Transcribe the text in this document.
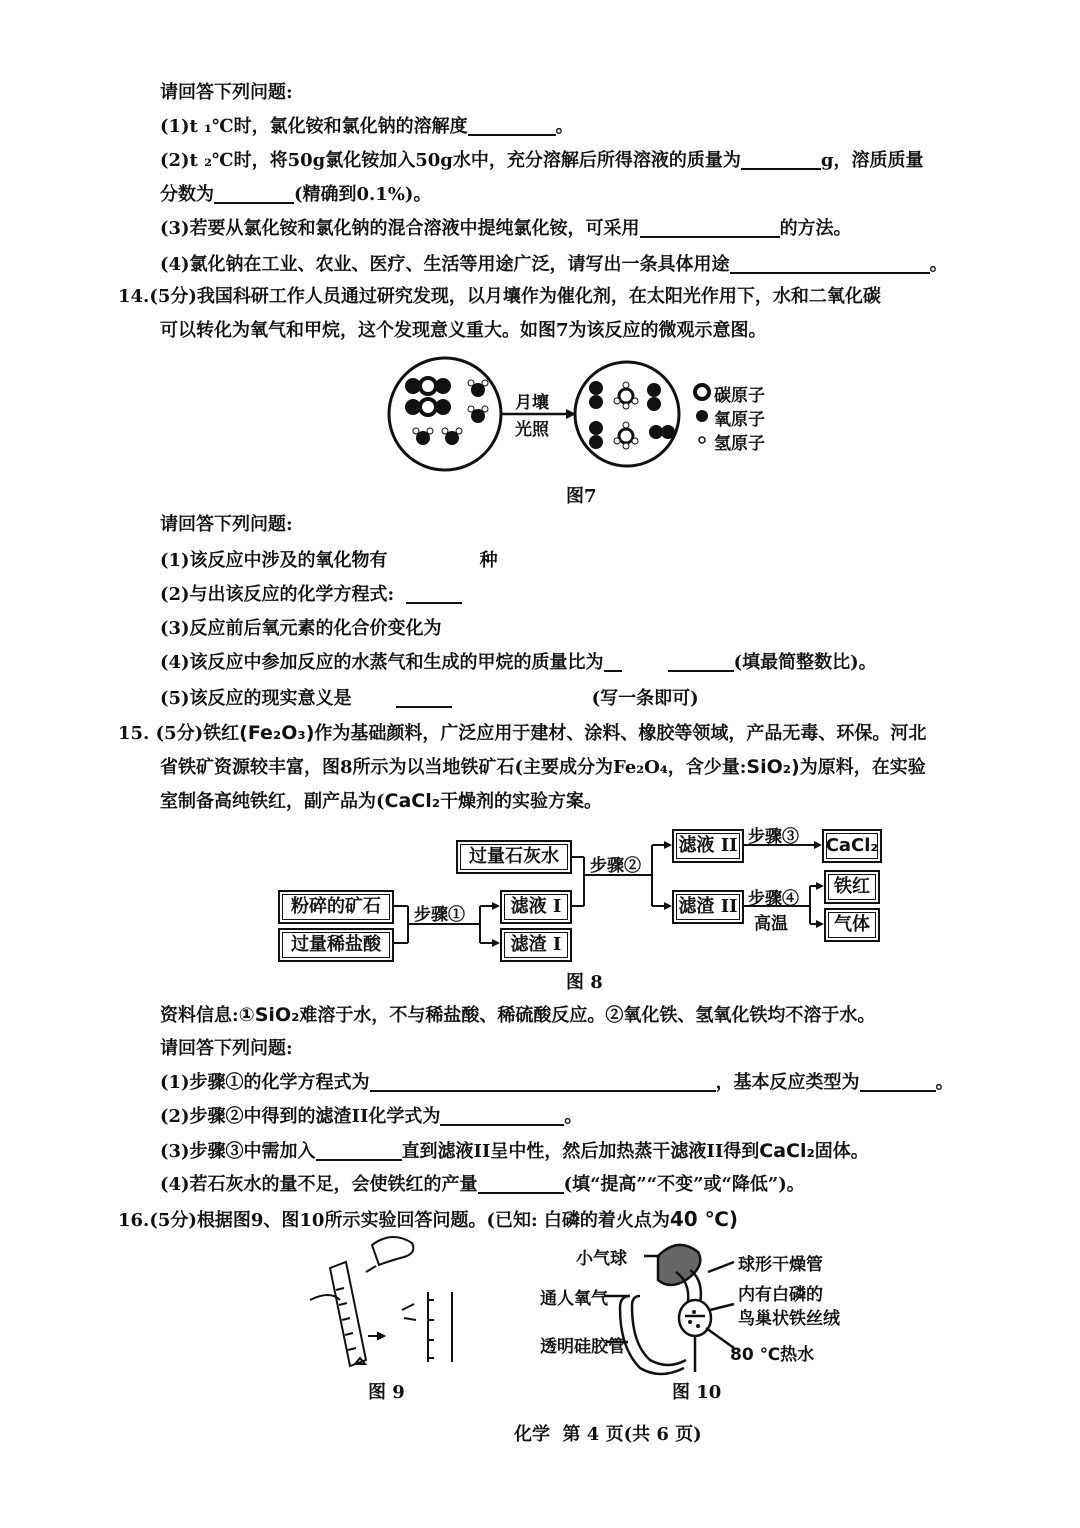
请回答下列问题:
(1)t ₁℃时，氯化铵和氯化钠的溶解度	。
(2)t ₂℃时，将50g氯化铵加入50g水中，充分溶解后所得溶液的质量为	g，溶质质量
分数为	(精确到0.1%)。
(3)若要从氯化铵和氯化钠的混合溶液中提纯氯化铵，可采用	的方法。
(4)氯化钠在工业、农业、医疗、生活等用途广泛，请写出一条具体用途	。
14.(5分)我国科研工作人员通过研究发现，以月壤作为催化剂，在太阳光作用下，水和二氧化碳
可以转化为氧气和甲烷，这个发现意义重大。如图7为该反应的微观示意图。
月壤
光照
碳原子
氧原子
氢原子
图7
请回答下列问题:
(1)该反应中涉及的氧化物有	种
(2)与出该反应的化学方程式:
(3)反应前后氧元素的化合价变化为
(4)该反应中参加反应的水蒸气和生成的甲烷的质量比为	(填最简整数比)。
(5)该反应的现实意义是	(写一条即可)
15. (5分)铁红(Fe₂O₃)作为基础颜料，广泛应用于建材、涂料、橡胶等领域，产品无毒、环保。河北
省铁矿资源较丰富，图8所示为以当地铁矿石(主要成分为Fe₂O₄，含少量:SiO₂)为原料，在实验
室制备高纯铁红，副产品为(CaCl₂干燥剂的实验方案。
粉碎的矿石
过量稀盐酸
步骤①	滤液 I
滤渣 I
过量石灰水	步骤②
滤液 II
滤渣 II
步骤③ CaCl₂
步骤④
高温
铁红
气体
图 8
资料信息:①SiO₂难溶于水，不与稀盐酸、稀硫酸反应。②氧化铁、氢氧化铁均不溶于水。
请回答下列问题:
(1)步骤①的化学方程式为	，基本反应类型为	。
(2)步骤②中得到的滤渣II化学式为	。
(3)步骤③中需加入	直到滤液II呈中性，然后加热蒸干滤液II得到CaCl₂固体。
(4)若石灰水的量不足，会使铁红的产量	(填“提高”“不变”或“降低”)。
16.(5分)根据图9、图10所示实验回答问题。(已知: 白磷的着火点为40 ℃)
小气球
通人氧气
透明硅胶管
球形干燥管
内有白磷的
鸟巢状铁丝绒
80 ℃热水
图 9	图 10
化学  第 4 页(共 6 页)
